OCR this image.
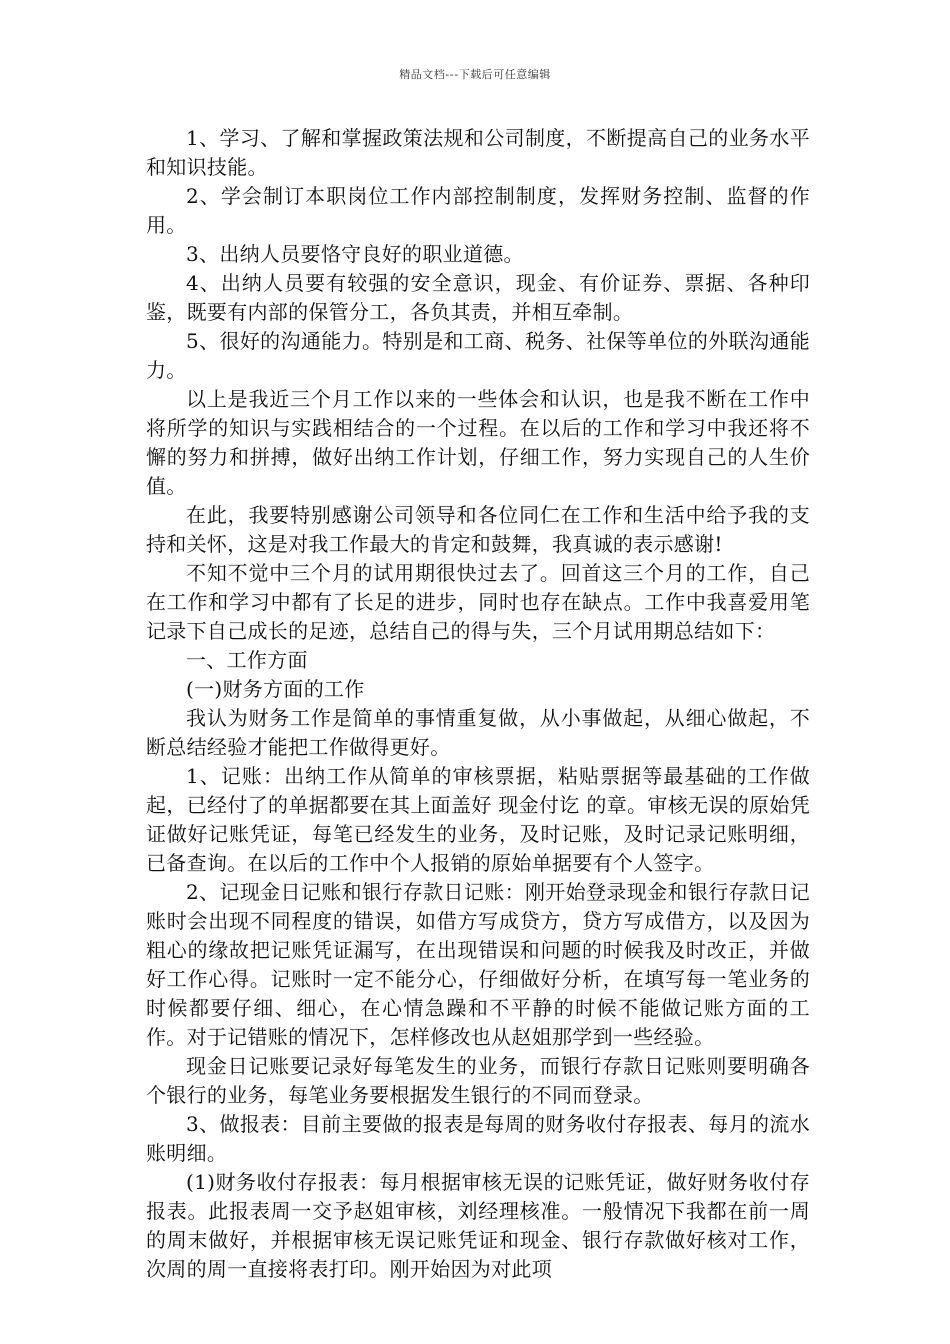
精品文档---下载后可任意编辑

1、学习、了解和掌握政策法规和公司制度，不断提高自己的业务水平和知识技能。

2、学会制订本职岗位工作内部控制制度，发挥财务控制、监督的作用。

3、出纳人员要恪守良好的职业道德。

4、出纳人员要有较强的安全意识，现金、有价证券、票据、各种印鉴，既要有内部的保管分工，各负其责，并相互牵制。

5、很好的沟通能力。特别是和工商、税务、社保等单位的外联沟通能力。

以上是我近三个月工作以来的一些体会和认识，也是我不断在工作中将所学的知识与实践相结合的一个过程。在以后的工作和学习中我还将不懈的努力和拼搏，做好出纳工作计划，仔细工作，努力实现自己的人生价值。

在此，我要特别感谢公司领导和各位同仁在工作和生活中给予我的支持和关怀，这是对我工作最大的肯定和鼓舞，我真诚的表示感谢!

不知不觉中三个月的试用期很快过去了。回首这三个月的工作，自己在工作和学习中都有了长足的进步，同时也存在缺点。工作中我喜爱用笔记录下自己成长的足迹，总结自己的得与失，三个月试用期总结如下：

一、工作方面

(一)财务方面的工作

我认为财务工作是简单的事情重复做，从小事做起，从细心做起，不断总结经验才能把工作做得更好。

1、记账：出纳工作从简单的审核票据，粘贴票据等最基础的工作做起，已经付了的单据都要在其上面盖好 现金付讫 的章。审核无误的原始凭证做好记账凭证，每笔已经发生的业务，及时记账，及时记录记账明细，已备查询。在以后的工作中个人报销的原始单据要有个人签字。

2、记现金日记账和银行存款日记账：刚开始登录现金和银行存款日记账时会出现不同程度的错误，如借方写成贷方，贷方写成借方，以及因为粗心的缘故把记账凭证漏写，在出现错误和问题的时候我及时改正，并做好工作心得。记账时一定不能分心，仔细做好分析，在填写每一笔业务的时候都要仔细、细心，在心情急躁和不平静的时候不能做记账方面的工作。对于记错账的情况下，怎样修改也从赵姐那学到一些经验。

现金日记账要记录好每笔发生的业务，而银行存款日记账则要明确各个银行的业务，每笔业务要根据发生银行的不同而登录。

3、做报表：目前主要做的报表是每周的财务收付存报表、每月的流水账明细。

(1)财务收付存报表：每月根据审核无误的记账凭证，做好财务收付存报表。此报表周一交予赵姐审核，刘经理核准。一般情况下我都在前一周的周末做好，并根据审核无误记账凭证和现金、银行存款做好核对工作，次周的周一直接将表打印。刚开始因为对此项
